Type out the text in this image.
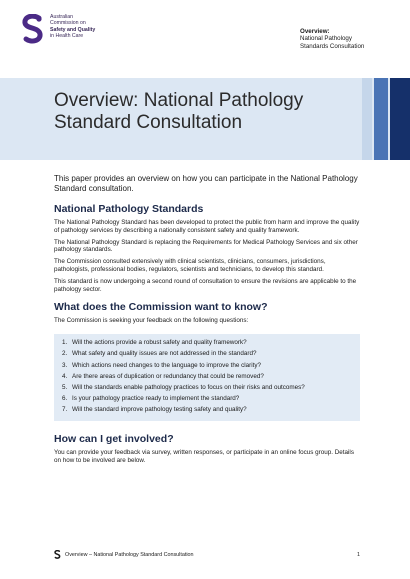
Australian
Commission on
Safety and Quality
in Health Care
Overview:
National Pathology
Standards Consultation
Overview: National Pathology Standard Consultation

This paper provides an overview on how you can participate in the National Pathology Standard consultation.

National Pathology Standards

The National Pathology Standard has been developed to protect the public from harm and improve the quality of pathology services by describing a nationally consistent safety and quality framework.

The National Pathology Standard is replacing the Requirements for Medical Pathology Services and six other pathology standards.

The Commission consulted extensively with clinical scientists, clinicians, consumers, jurisdictions, pathologists, professional bodies, regulators, scientists and technicians, to develop this standard.

This standard is now undergoing a second round of consultation to ensure the revisions are applicable to the pathology sector.

What does the Commission want to know?

The Commission is seeking your feedback on the following questions:

1. Will the actions provide a robust safety and quality framework?
2. What safety and quality issues are not addressed in the standard?
3. Which actions need changes to the language to improve the clarity?
4. Are there areas of duplication or redundancy that could be removed?
5. Will the standards enable pathology practices to focus on their risks and outcomes?
6. Is your pathology practice ready to implement the standard?
7. Will the standard improve pathology testing safety and quality?
How can I get involved?

You can provide your feedback via survey, written responses, or participate in an online focus group. Details on how to be involved are below.

Overview – National Pathology Standard Consultation	1
